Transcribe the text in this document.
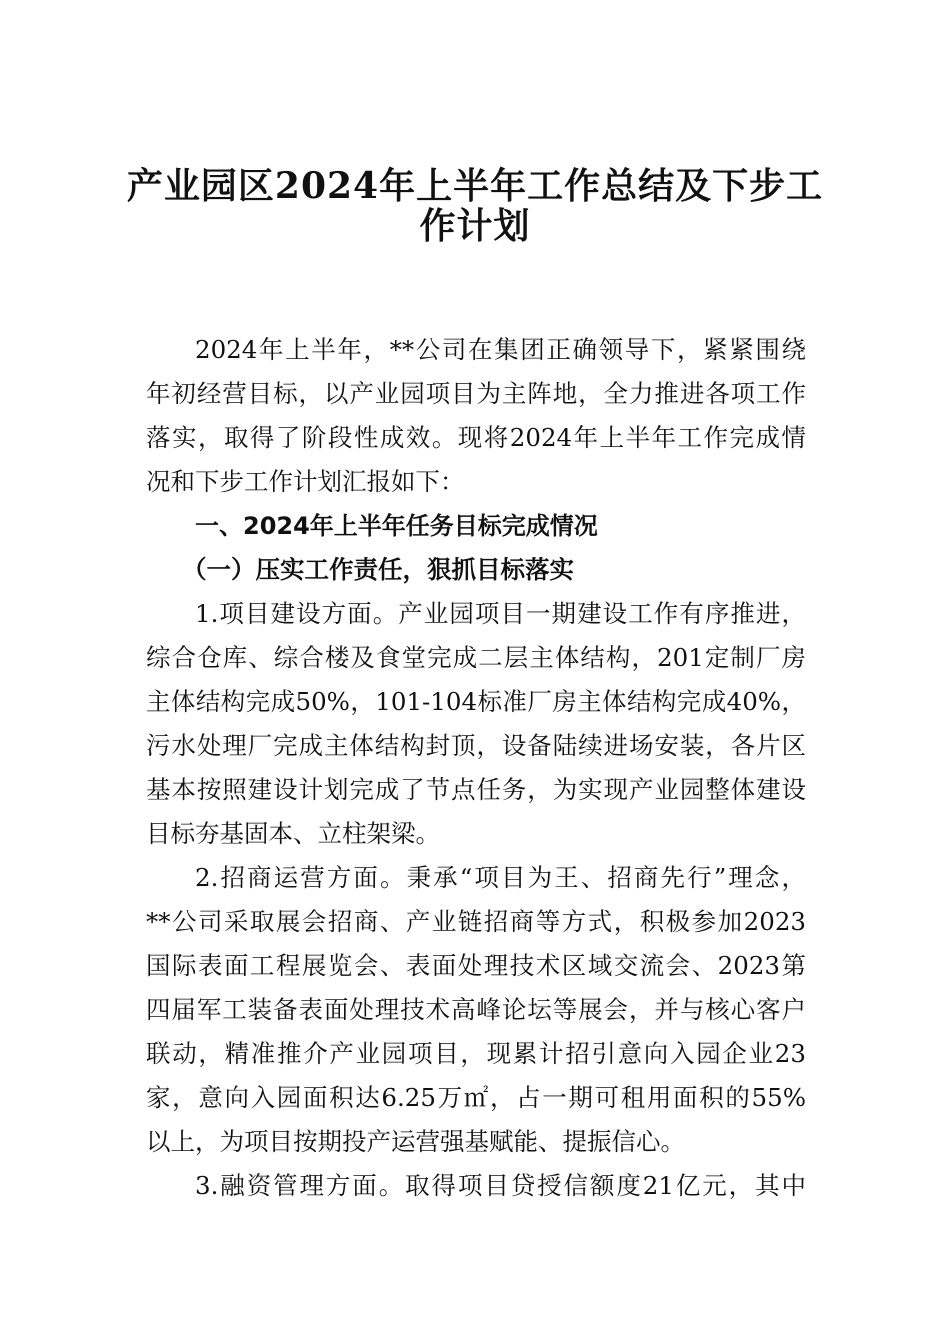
产业园区2024年上半年工作总结及下步工
作计划
2024年上半年，**公司在集团正确领导下，紧紧围绕
年初经营目标，以产业园项目为主阵地，全力推进各项工作
落实，取得了阶段性成效。现将2024年上半年工作完成情
况和下步工作计划汇报如下：
一、2024年上半年任务目标完成情况
（一）压实工作责任，狠抓目标落实
1.项目建设方面。产业园项目一期建设工作有序推进，
综合仓库、综合楼及食堂完成二层主体结构，201定制厂房
主体结构完成50%，101-104标准厂房主体结构完成40%，
污水处理厂完成主体结构封顶，设备陆续进场安装，各片区
基本按照建设计划完成了节点任务，为实现产业园整体建设
目标夯基固本、立柱架梁。
2.招商运营方面。秉承“项目为王、招商先行”理念，
**公司采取展会招商、产业链招商等方式，积极参加2023
国际表面工程展览会、表面处理技术区域交流会、2023第
四届军工装备表面处理技术高峰论坛等展会，并与核心客户
联动，精准推介产业园项目，现累计招引意向入园企业23
家，意向入园面积达6.25万㎡，占一期可租用面积的55%
以上，为项目按期投产运营强基赋能、提振信心。
3.融资管理方面。取得项目贷授信额度21亿元，其中
